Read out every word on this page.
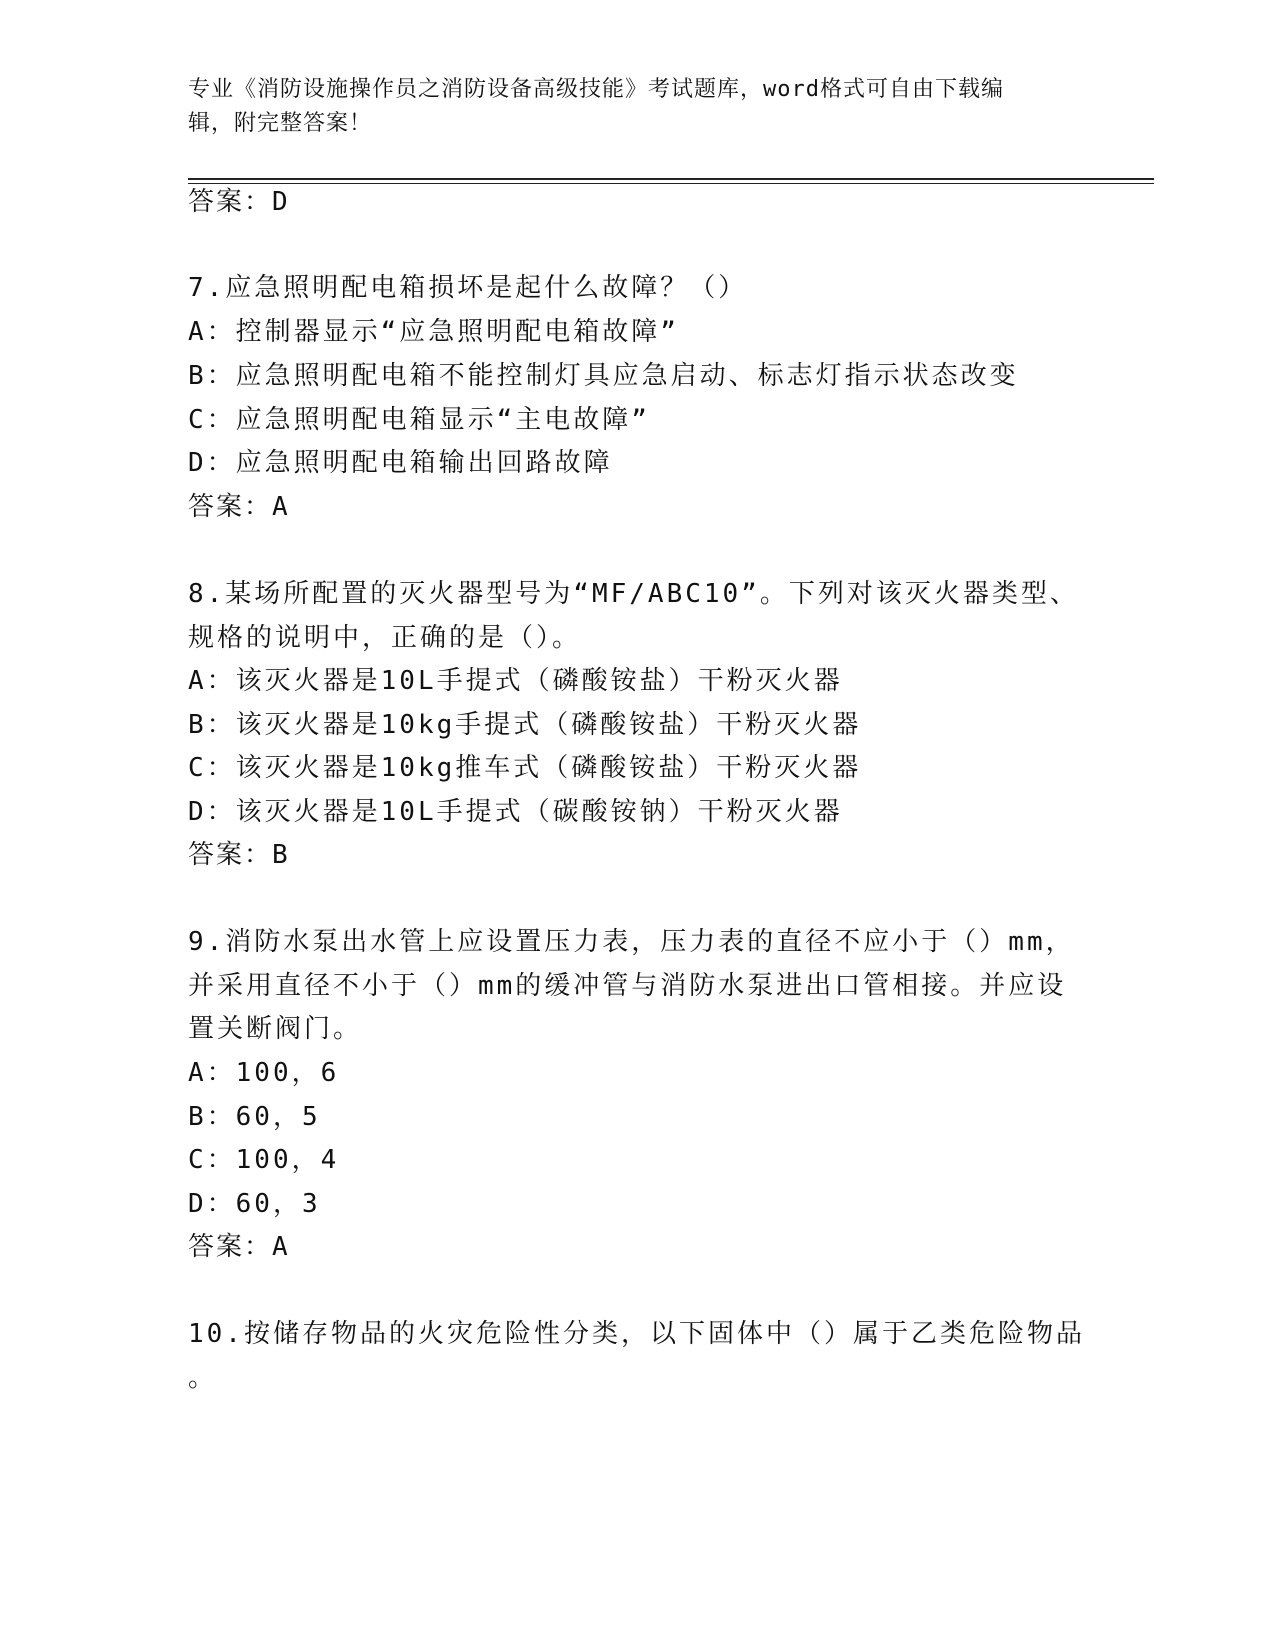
专业《消防设施操作员之消防设备高级技能》考试题库，word格式可自由下载编
辑，附完整答案！
答案：D
7.应急照明配电箱损坏是起什么故障？（）
A：控制器显示“应急照明配电箱故障”
B：应急照明配电箱不能控制灯具应急启动、标志灯指示状态改变
C：应急照明配电箱显示“主电故障”
D：应急照明配电箱输出回路故障
答案：A
8.某场所配置的灭火器型号为“MF/ABC10”。下列对该灭火器类型、
规格的说明中，正确的是（）。
A：该灭火器是10L手提式（磷酸铵盐）干粉灭火器
B：该灭火器是10kg手提式（磷酸铵盐）干粉灭火器
C：该灭火器是10kg推车式（磷酸铵盐）干粉灭火器
D：该灭火器是10L手提式（碳酸铵钠）干粉灭火器
答案：B
9.消防水泵出水管上应设置压力表，压力表的直径不应小于（）mm，
并采用直径不小于（）mm的缓冲管与消防水泵进出口管相接。并应设
置关断阀门。
A：100，6
B：60，5
C：100，4
D：60，3
答案：A
10.按储存物品的火灾危险性分类，以下固体中（）属于乙类危险物品
。
